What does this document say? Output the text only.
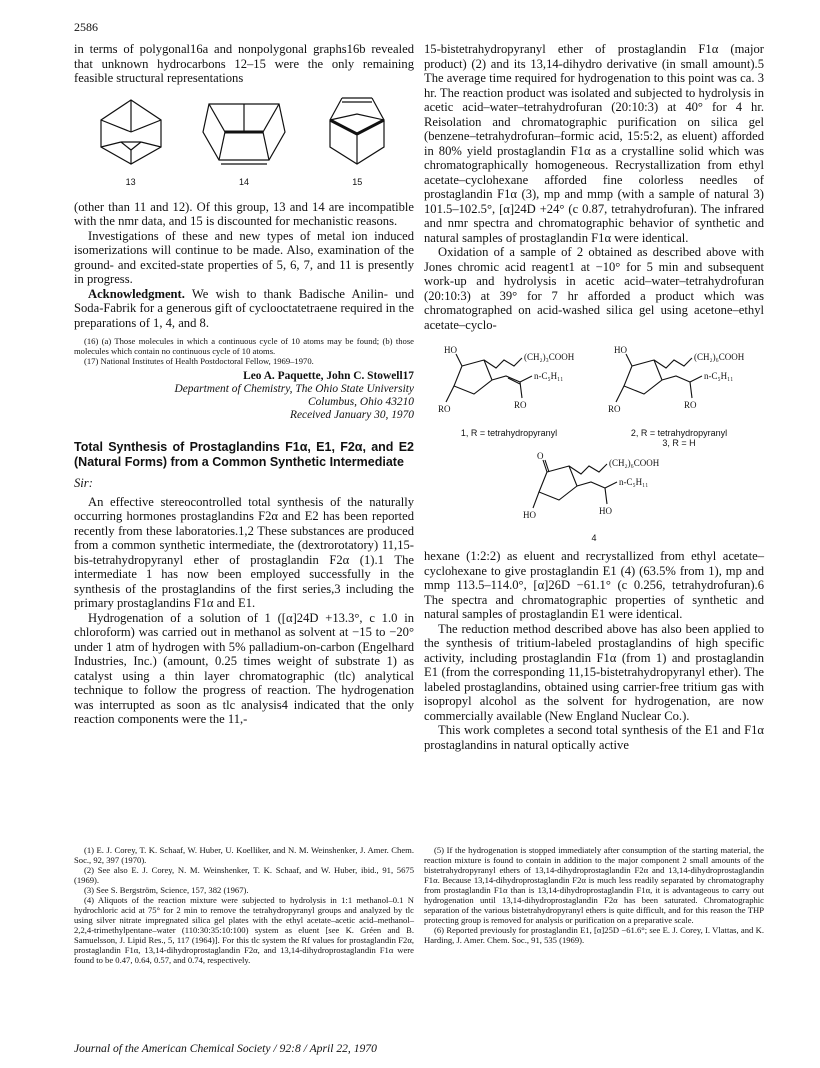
2586

in terms of polygonal16a and nonpolygonal graphs16b revealed that unknown hydrocarbons 12–15 were the only remaining feasible structural representations

13	14	15

(other than 11 and 12). Of this group, 13 and 14 are incompatible with the nmr data, and 15 is discounted for mechanistic reasons.

Investigations of these and new types of metal ion induced isomerizations will continue to be made. Also, examination of the ground- and excited-state properties of 5, 6, 7, and 11 is presently in progress.

Acknowledgment. We wish to thank Badische Anilin- und Soda-Fabrik for a generous gift of cyclooctatetraene required in the preparations of 1, 4, and 8.

(16) (a) Those molecules in which a continuous cycle of 10 atoms may be found; (b) those molecules which contain no continuous cycle of 10 atoms.

(17) National Institutes of Health Postdoctoral Fellow, 1969–1970.

Leo A. Paquette, John C. Stowell17
Department of Chemistry, The Ohio State University
Columbus, Ohio 43210
Received January 30, 1970
Total Synthesis of Prostaglandins F1α, E1, F2α, and E2 (Natural Forms) from a Common Synthetic Intermediate
Sir:

An effective stereocontrolled total synthesis of the naturally occurring hormones prostaglandins F2α and E2 has been reported recently from these laboratories.1,2 These substances are produced from a common synthetic intermediate, the (dextrorotatory) 11,15-bis-tetrahydropyranyl ether of prostaglandin F2α (1).1 The intermediate 1 has now been employed successfully in the synthesis of the prostaglandins of the first series,3 including the primary prostaglandins F1α and E1.

Hydrogenation of a solution of 1 ([α]24D +13.3°, c 1.0 in chloroform) was carried out in methanol as solvent at −15 to −20° under 1 atm of hydrogen with 5% palladium-on-carbon (Engelhard Industries, Inc.) (amount, 0.25 times weight of substrate 1) as catalyst using a thin layer chromatographic (tlc) analytical technique to follow the progress of reaction. The hydrogenation was interrupted as soon as tlc analysis4 indicated that the only reaction components were the 11,-

(1) E. J. Corey, T. K. Schaaf, W. Huber, U. Koelliker, and N. M. Weinshenker, J. Amer. Chem. Soc., 92, 397 (1970).

(2) See also E. J. Corey, N. M. Weinshenker, T. K. Schaaf, and W. Huber, ibid., 91, 5675 (1969).

(3) See S. Bergström, Science, 157, 382 (1967).

(4) Aliquots of the reaction mixture were subjected to hydrolysis in 1:1 methanol–0.1 N hydrochloric acid at 75° for 2 min to remove the tetrahydropyranyl groups and analyzed by tlc using silver nitrate impregnated silica gel plates with the ethyl acetate–acetic acid–methanol–2,2,4-trimethylpentane–water (110:30:35:10:100) system as eluent [see K. Gréen and B. Samuelsson, J. Lipid Res., 5, 117 (1964)]. For this tlc system the Rf values for prostaglandin F2α, prostaglandin F1α, 13,14-dihydroprostaglandin F2α, and 13,14-dihydroprostaglandin F1α were found to be 0.47, 0.64, 0.57, and 0.74, respectively.

15-bistetrahydropyranyl ether of prostaglandin F1α (major product) (2) and its 13,14-dihydro derivative (in small amount).5 The average time required for hydrogenation to this point was ca. 3 hr. The reaction product was isolated and subjected to hydrolysis in acetic acid–water–tetrahydrofuran (20:10:3) at 40° for 4 hr. Reisolation and chromatographic purification on silica gel (benzene–tetrahydrofuran–formic acid, 15:5:2, as eluent) afforded in 80% yield prostaglandin F1α as a crystalline solid which was chromatographically homogeneous. Recrystallization from ethyl acetate–cyclohexane afforded fine colorless needles of prostaglandin F1α (3), mp and mmp (with a sample of natural 3) 101.5–102.5°, [α]24D +24° (c 0.87, tetrahydrofuran). The infrared and nmr spectra and chromatographic behavior of synthetic and natural samples of prostaglandin F1α were identical.

Oxidation of a sample of 2 obtained as described above with Jones chromic acid reagent1 at −10° for 5 min and subsequent work-up and hydrolysis in acetic acid–water–tetrahydrofuran (20:10:3) at 39° for 7 hr afforded a product which was chromatographed on acid-washed silica gel using acetone–ethyl acetate–cyclo-

HO
(CH₂)₃COOH
n-C₅H₁₁
RO	RO
1, R = tetrahydropyranyl
HO
(CH₂)₆COOH
n-C₅H₁₁
RO	RO
2, R = tetrahydropyranyl
3, R = H
O
(CH₂)₆COOH
n-C₅H₁₁
HO	HO
4

hexane (1:2:2) as eluent and recrystallized from ethyl acetate–cyclohexane to give prostaglandin E1 (4) (63.5% from 1), mp and mmp 113.5–114.0°, [α]26D −61.1° (c 0.256, tetrahydrofuran).6 The spectra and chromatographic properties of synthetic and natural samples of prostaglandin E1 were identical.

The reduction method described above has also been applied to the synthesis of tritium-labeled prostaglandins of high specific activity, including prostaglandin F1α (from 1) and prostaglandin E1 (from the corresponding 11,15-bistetrahydropyranyl ether). The labeled prostaglandins, obtained using carrier-free tritium gas with isopropyl alcohol as the solvent for hydrogenation, are now commercially available (New England Nuclear Co.).

This work completes a second total synthesis of the E1 and F1α prostaglandins in natural optically active

(5) If the hydrogenation is stopped immediately after consumption of the starting material, the reaction mixture is found to contain in addition to the major component 2 small amounts of the bistetrahydropyranyl ethers of 13,14-dihydroprostaglandin F2α and 13,14-dihydroprostaglandin F1α. Because 13,14-dihydroprostaglandin F2α is much less readily separated by chromatography from prostaglandin F1α than is 13,14-dihydroprostaglandin F1α, it is advantageous to carry out hydrogenation until 13,14-dihydroprostaglandin F2α has been saturated. Chromatographic separation of the various bistetrahydropyranyl ethers is quite difficult, and for this reason the THP protecting group is removed for analysis or purification on a preparative scale.

(6) Reported previously for prostaglandin E1, [α]25D −61.6°; see E. J. Corey, I. Vlattas, and K. Harding, J. Amer. Chem. Soc., 91, 535 (1969).

Journal of the American Chemical Society / 92:8 / April 22, 1970
